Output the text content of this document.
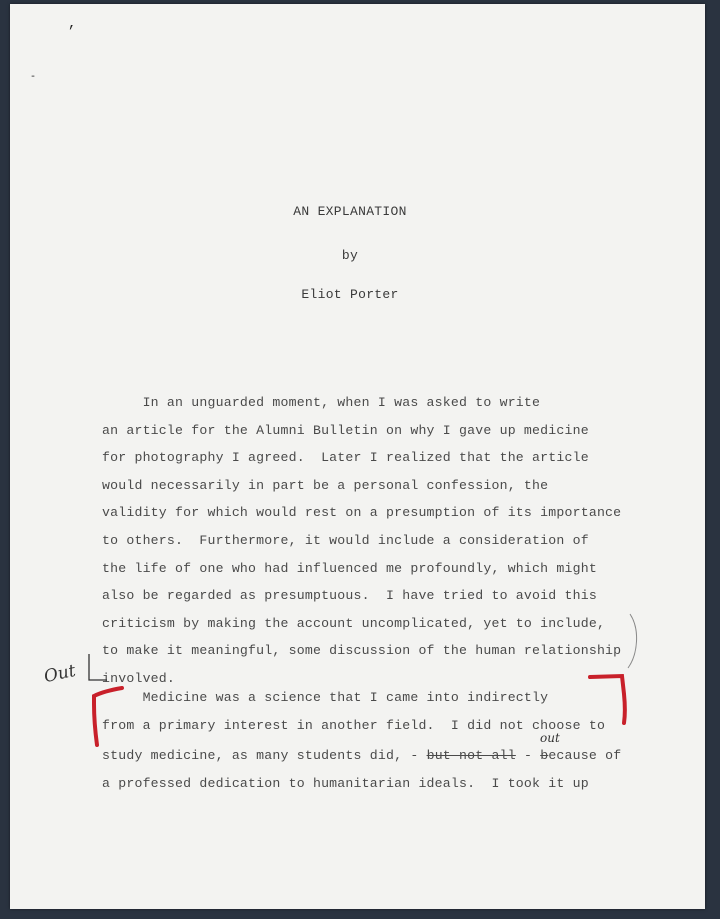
,
-
AN EXPLANATION
by
Eliot Porter
In an unguarded moment, when I was asked to write
an article for the Alumni Bulletin on why I gave up medicine
for photography I agreed.  Later I realized that the article
would necessarily in part be a personal confession, the
validity for which would rest on a presumption of its importance
to others.  Furthermore, it would include a consideration of
the life of one who had influenced me profoundly, which might
also be regarded as presumptuous.  I have tried to avoid this
criticism by making the account uncomplicated, yet to include,
to make it meaningful, some discussion of the human relationship
involved.
Medicine was a science that I came into indirectly
from a primary interest in another field.  I did not choose to
study medicine, as many students did, - but not all - because of
a professed dedication to humanitarian ideals.  I took it up
Out
out
